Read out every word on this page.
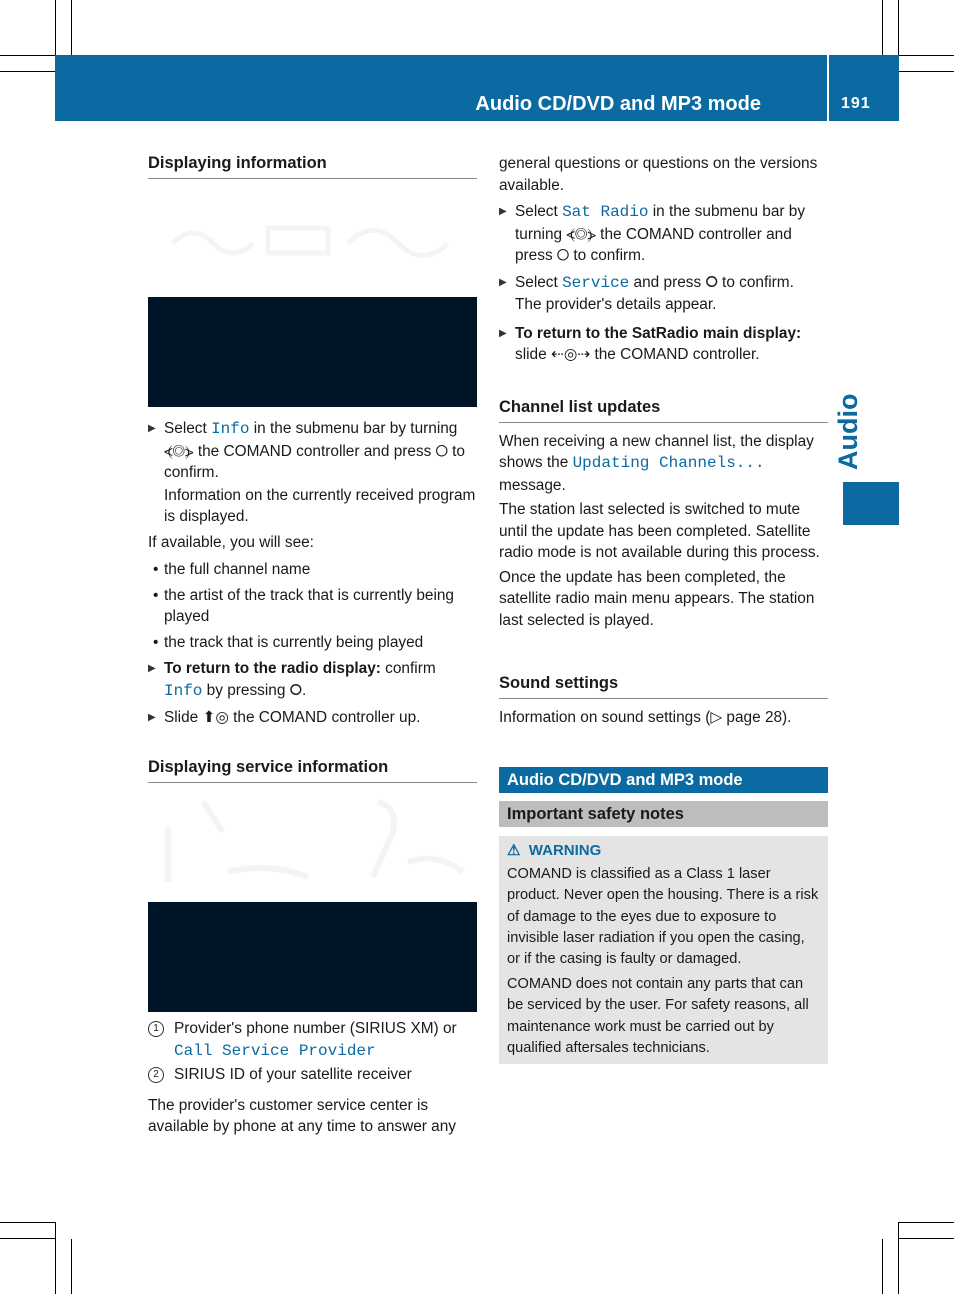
Audio CD/DVD and MP3 mode	191
Audio

Displaying information

▶ Select Info in the submenu bar by turning ⦓◎⦔ the COMAND controller and press ⭘ to confirm.

Information on the currently received program is displayed.

If available, you will see:

• the full channel name

• the artist of the track that is currently being played

• the track that is currently being played

▶ To return to the radio display: confirm
Info by pressing ⭘.

▶ Slide ⬆◎ the COMAND controller up.

Displaying service information

1 Provider's phone number (SIRIUS XM) or Call Service Provider

2 SIRIUS ID of your satellite receiver

The provider's customer service center is available by phone at any time to answer any

general questions or questions on the versions available.

▶ Select Sat Radio in the submenu bar by turning ⦓◎⦔ the COMAND controller and press ⭘ to confirm.

▶ Select Service and press ⭘ to confirm.
The provider's details appear.

▶ To return to the SatRadio main display:
slide ⇠◎⇢ the COMAND controller.

Channel list updates

When receiving a new channel list, the display shows the Updating Channels...
message.

The station last selected is switched to mute until the update has been completed. Satellite radio mode is not available during this process.

Once the update has been completed, the satellite radio main menu appears. The station last selected is played.

Sound settings

Information on sound settings (▷ page 28).

Audio CD/DVD and MP3 mode
Important safety notes

⚠ WARNING

COMAND is classified as a Class 1 laser product. Never open the housing. There is a risk of damage to the eyes due to exposure to invisible laser radiation if you open the casing, or if the casing is faulty or damaged.

COMAND does not contain any parts that can be serviced by the user. For safety reasons, all maintenance work must be carried out by qualified aftersales technicians.
